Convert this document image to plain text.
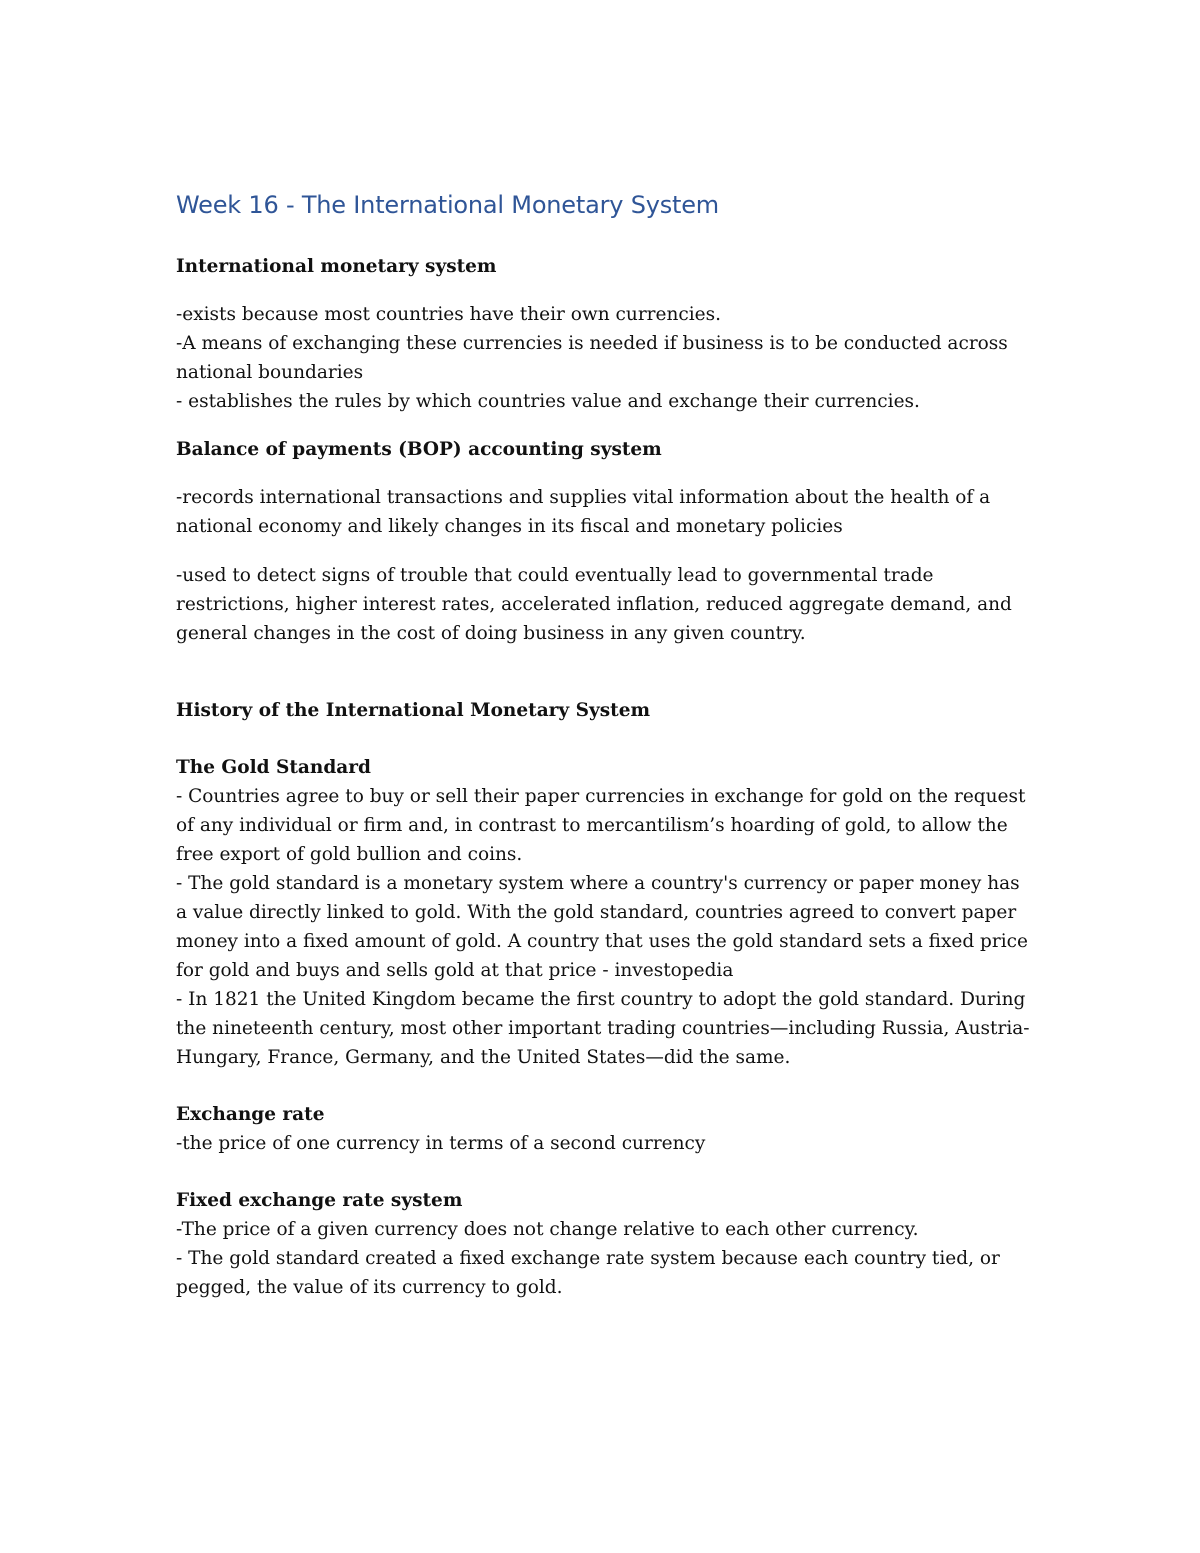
Week 16 - The International Monetary System

International monetary system

-exists because most countries have their own currencies.

-A means of exchanging these currencies is needed if business is to be conducted across national boundaries

- establishes the rules by which countries value and exchange their currencies.

Balance of payments (BOP) accounting system

-records international transactions and supplies vital information about the health of a national economy and likely changes in its fiscal and monetary policies

-used to detect signs of trouble that could eventually lead to governmental trade restrictions, higher interest rates, accelerated inflation, reduced aggregate demand, and general changes in the cost of doing business in any given country.

History of the International Monetary System

The Gold Standard

- Countries agree to buy or sell their paper currencies in exchange for gold on the request of any individual or firm and, in contrast to mercantilism’s hoarding of gold, to allow the free export of gold bullion and coins.

- The gold standard is a monetary system where a country's currency or paper money has a value directly linked to gold. With the gold standard, countries agreed to convert paper money into a fixed amount of gold. A country that uses the gold standard sets a fixed price for gold and buys and sells gold at that price - investopedia

- In 1821 the United Kingdom became the first country to adopt the gold standard. During the nineteenth century, most other important trading countries—including Russia, Austria-Hungary, France, Germany, and the United States—did the same.

Exchange rate

-the price of one currency in terms of a second currency

Fixed exchange rate system

-The price of a given currency does not change relative to each other currency.

- The gold standard created a fixed exchange rate system because each country tied, or pegged, the value of its currency to gold.
